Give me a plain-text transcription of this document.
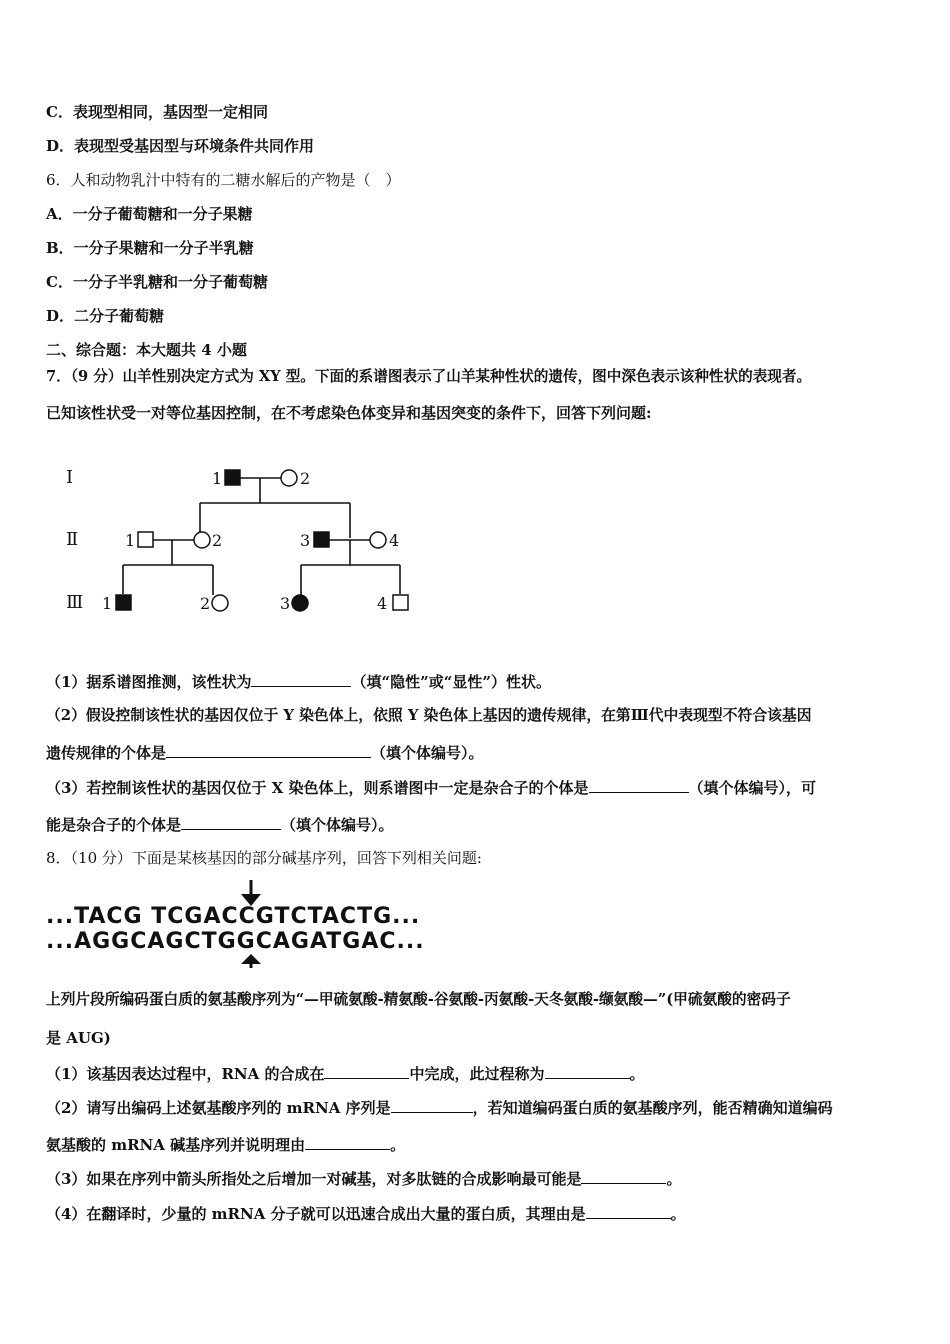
C．表现型相同，基因型一定相同
D．表现型受基因型与环境条件共同作用
6．人和动物乳汁中特有的二糖水解后的产物是（　）
A．一分子葡萄糖和一分子果糖
B．一分子果糖和一分子半乳糖
C．一分子半乳糖和一分子葡萄糖
D．二分子葡萄糖
二、综合题：本大题共 4 小题
7．（9 分）山羊性别决定方式为 XY 型。下面的系谱图表示了山羊某种性状的遗传，图中深色表示该种性状的表现者。
已知该性状受一对等位基因控制，在不考虑染色体变异和基因突变的条件下，回答下列问题:
Ⅰ
Ⅱ
Ⅲ
1	2
1	2	3	4
1	2	3	4
（1）据系谱图推测，该性状为	（填“隐性”或“显性”）性状。
（2）假设控制该性状的基因仅位于 Y 染色体上，依照 Y 染色体上基因的遗传规律，在第Ⅲ代中表现型不符合该基因
遗传规律的个体是	（填个体编号）。
（3）若控制该性状的基因仅位于 X 染色体上，则系谱图中一定是杂合子的个体是	（填个体编号），可
能是杂合子的个体是	（填个体编号）。
8．（10 分）下面是某核基因的部分碱基序列，回答下列相关问题:
...TACG TCGACCGTCTACTG...
...AGGCAGCTGGCAGATGAC...
上列片段所编码蛋白质的氨基酸序列为“—甲硫氨酸-精氨酸-谷氨酸-丙氨酸-天冬氨酸-缬氨酸—”(甲硫氨酸的密码子
是 AUG)
（1）该基因表达过程中，RNA 的合成在	中完成，此过程称为	。
（2）请写出编码上述氨基酸序列的 mRNA 序列是	，若知道编码蛋白质的氨基酸序列，能否精确知道编码
氨基酸的 mRNA 碱基序列并说明理由	。
（3）如果在序列中箭头所指处之后增加一对碱基，对多肽链的合成影响最可能是	。
（4）在翻译时，少量的 mRNA 分子就可以迅速合成出大量的蛋白质，其理由是	。
